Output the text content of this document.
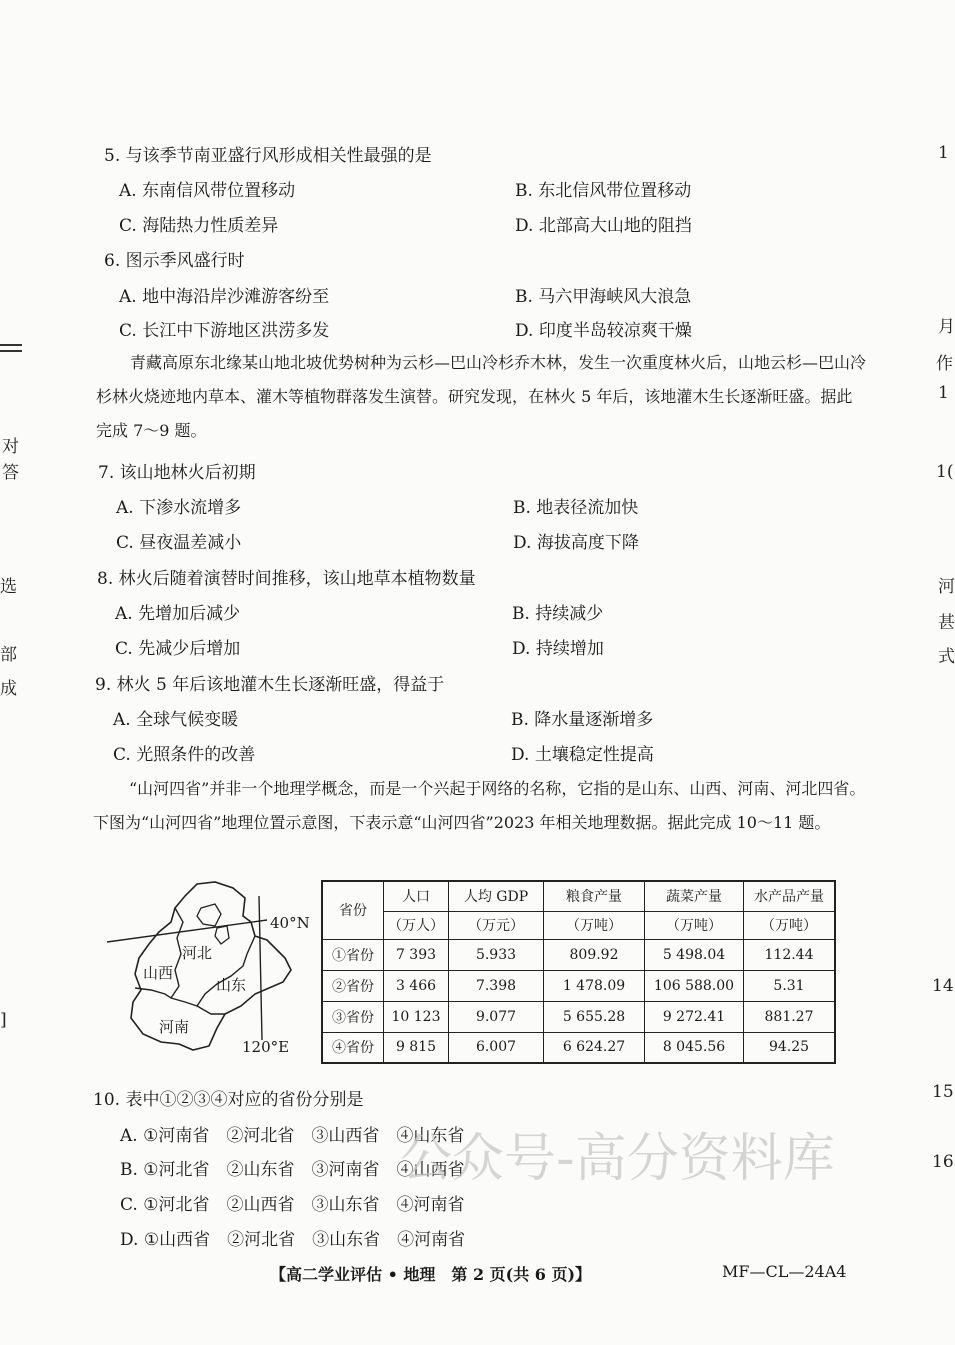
5. 与该季节南亚盛行风形成相关性最强的是
A. 东南信风带位置移动	B. 东北信风带位置移动
C. 海陆热力性质差异	D. 北部高大山地的阻挡
6. 图示季风盛行时
A. 地中海沿岸沙滩游客纷至	B. 马六甲海峡风大浪急
C. 长江中下游地区洪涝多发	D. 印度半岛较凉爽干燥
青藏高原东北缘某山地北坡优势树种为云杉—巴山冷杉乔木林，发生一次重度林火后，山地云杉—巴山冷杉林火烧迹地内草本、灌木等植物群落发生演替。研究发现，在林火 5 年后，该地灌木生长逐渐旺盛。据此完成 7～9 题。
7. 该山地林火后初期
A. 下渗水流增多	B. 地表径流加快
C. 昼夜温差减小	D. 海拔高度下降
8. 林火后随着演替时间推移，该山地草本植物数量
A. 先增加后减少	B. 持续减少
C. 先减少后增加	D. 持续增加
9. 林火 5 年后该地灌木生长逐渐旺盛，得益于
A. 全球气候变暖	B. 降水量逐渐增多
C. 光照条件的改善	D. 土壤稳定性提高
“山河四省”并非一个地理学概念，而是一个兴起于网络的名称，它指的是山东、山西、河南、河北四省。下图为“山河四省”地理位置示意图，下表示意“山河四省”2023 年相关地理数据。据此完成 10～11 题。
40°N
120°E
河北
山西
山东
河南
省份	人口	人均 GDP	粮食产量	蔬菜产量	水产品产量
	（万人）	（万元）	（万吨）	（万吨）	（万吨）
①省份	7 393	5.933	809.92	5 498.04	112.44
②省份	3 466	7.398	1 478.09	106 588.00	5.31
③省份	10 123	9.077	5 655.28	9 272.41	881.27
④省份	9 815	6.007	6 624.27	8 045.56	94.25
10. 表中①②③④对应的省份分别是
A. ①河南省　②河北省　③山西省　④山东省
B. ①河北省　②山东省　③河南省　④山西省
C. ①河北省　②山西省　③山东省　④河南省
D. ①山西省　②河北省　③山东省　④河南省
公众号-高分资料库
【高二学业评估 • 地理　第 2 页(共 6 页)】	MF—CL—24A4
对
答
选
部
成
]
1
月
作
1
1(
河
甚
式
14
15
16
